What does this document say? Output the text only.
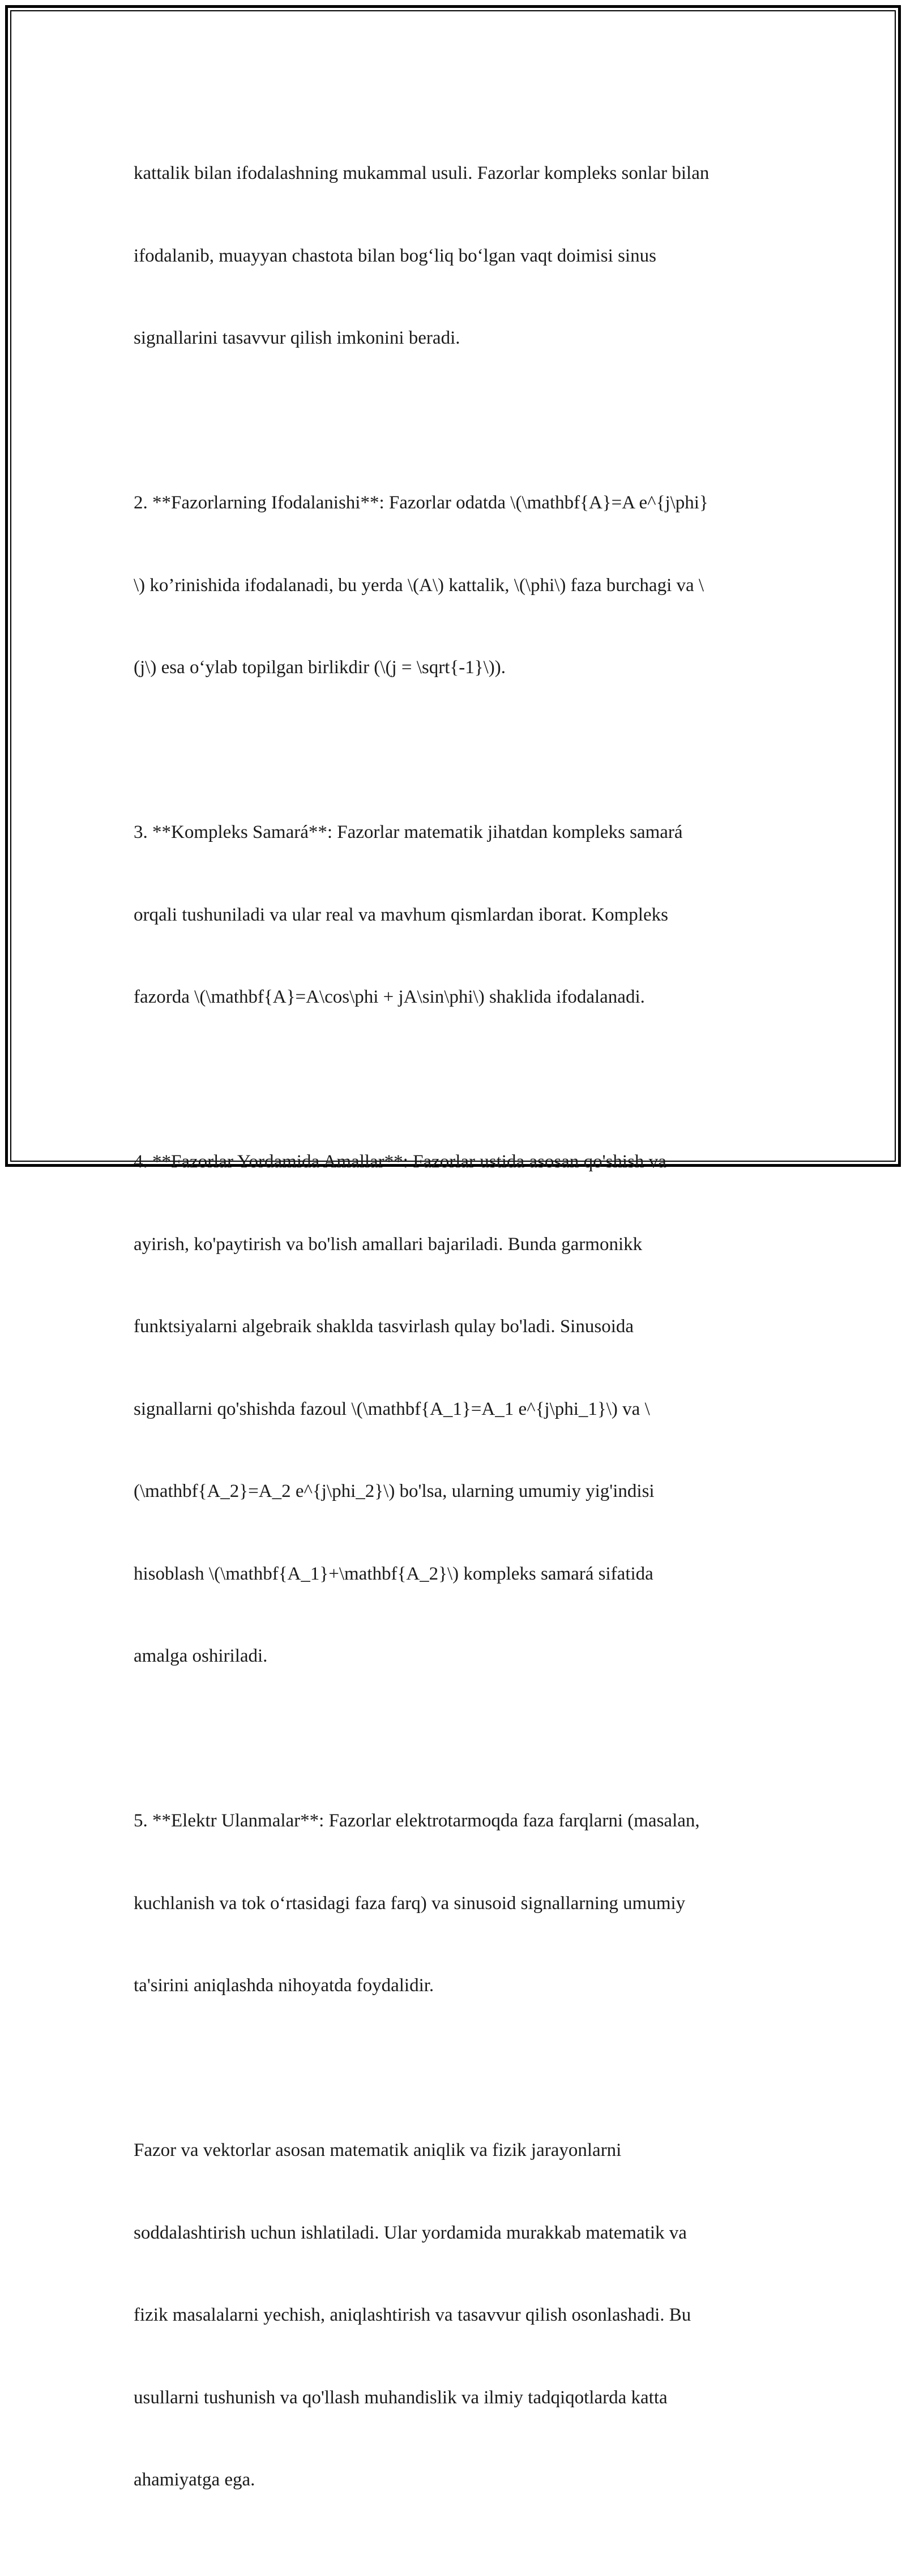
kattalik bilan ifodalashning mukammal usuli. Fazorlar kompleks sonlar bilan

ifodalanib, muayyan chastota bilan bog‘liq bo‘lgan vaqt doimisi sinus

signallarini tasavvur qilish imkonini beradi.

2. **Fazorlarning Ifodalanishi**: Fazorlar odatda \(\mathbf{A}=A e^{j\phi}

\) ko’rinishida ifodalanadi, bu yerda \(A\) kattalik, \(\phi\) faza burchagi va \

(j\) esa o‘ylab topilgan birlikdir (\(j = \sqrt{-1}\)).

3. **Kompleks Samará**: Fazorlar matematik jihatdan kompleks samará

orqali tushuniladi va ular real va mavhum qismlardan iborat. Kompleks

fazorda \(\mathbf{A}=A\cos\phi + jA\sin\phi\) shaklida ifodalanadi.

4. **Fazorlar Yordamida Amallar**: Fazorlar ustida asosan qo'shish va

ayirish, ko'paytirish va bo'lish amallari bajariladi. Bunda garmonikk

funktsiyalarni algebraik shaklda tasvirlash qulay bo'ladi. Sinusoida

signallarni qo'shishda fazoul \(\mathbf{A_1}=A_1 e^{j\phi_1}\) va \

(\mathbf{A_2}=A_2 e^{j\phi_2}\) bo'lsa, ularning umumiy yig'indisi

hisoblash \(\mathbf{A_1}+\mathbf{A_2}\) kompleks samará sifatida

amalga oshiriladi.

5. **Elektr Ulanmalar**: Fazorlar elektrotarmoqda faza farqlarni (masalan,

kuchlanish va tok o‘rtasidagi faza farq) va sinusoid signallarning umumiy

ta'sirini aniqlashda nihoyatda foydalidir.

Fazor va vektorlar asosan matematik aniqlik va fizik jarayonlarni

soddalashtirish uchun ishlatiladi. Ular yordamida murakkab matematik va

fizik masalalarni yechish, aniqlashtirish va tasavvur qilish osonlashadi. Bu

usullarni tushunish va qo'llash muhandislik va ilmiy tadqiqotlarda katta

ahamiyatga ega.
